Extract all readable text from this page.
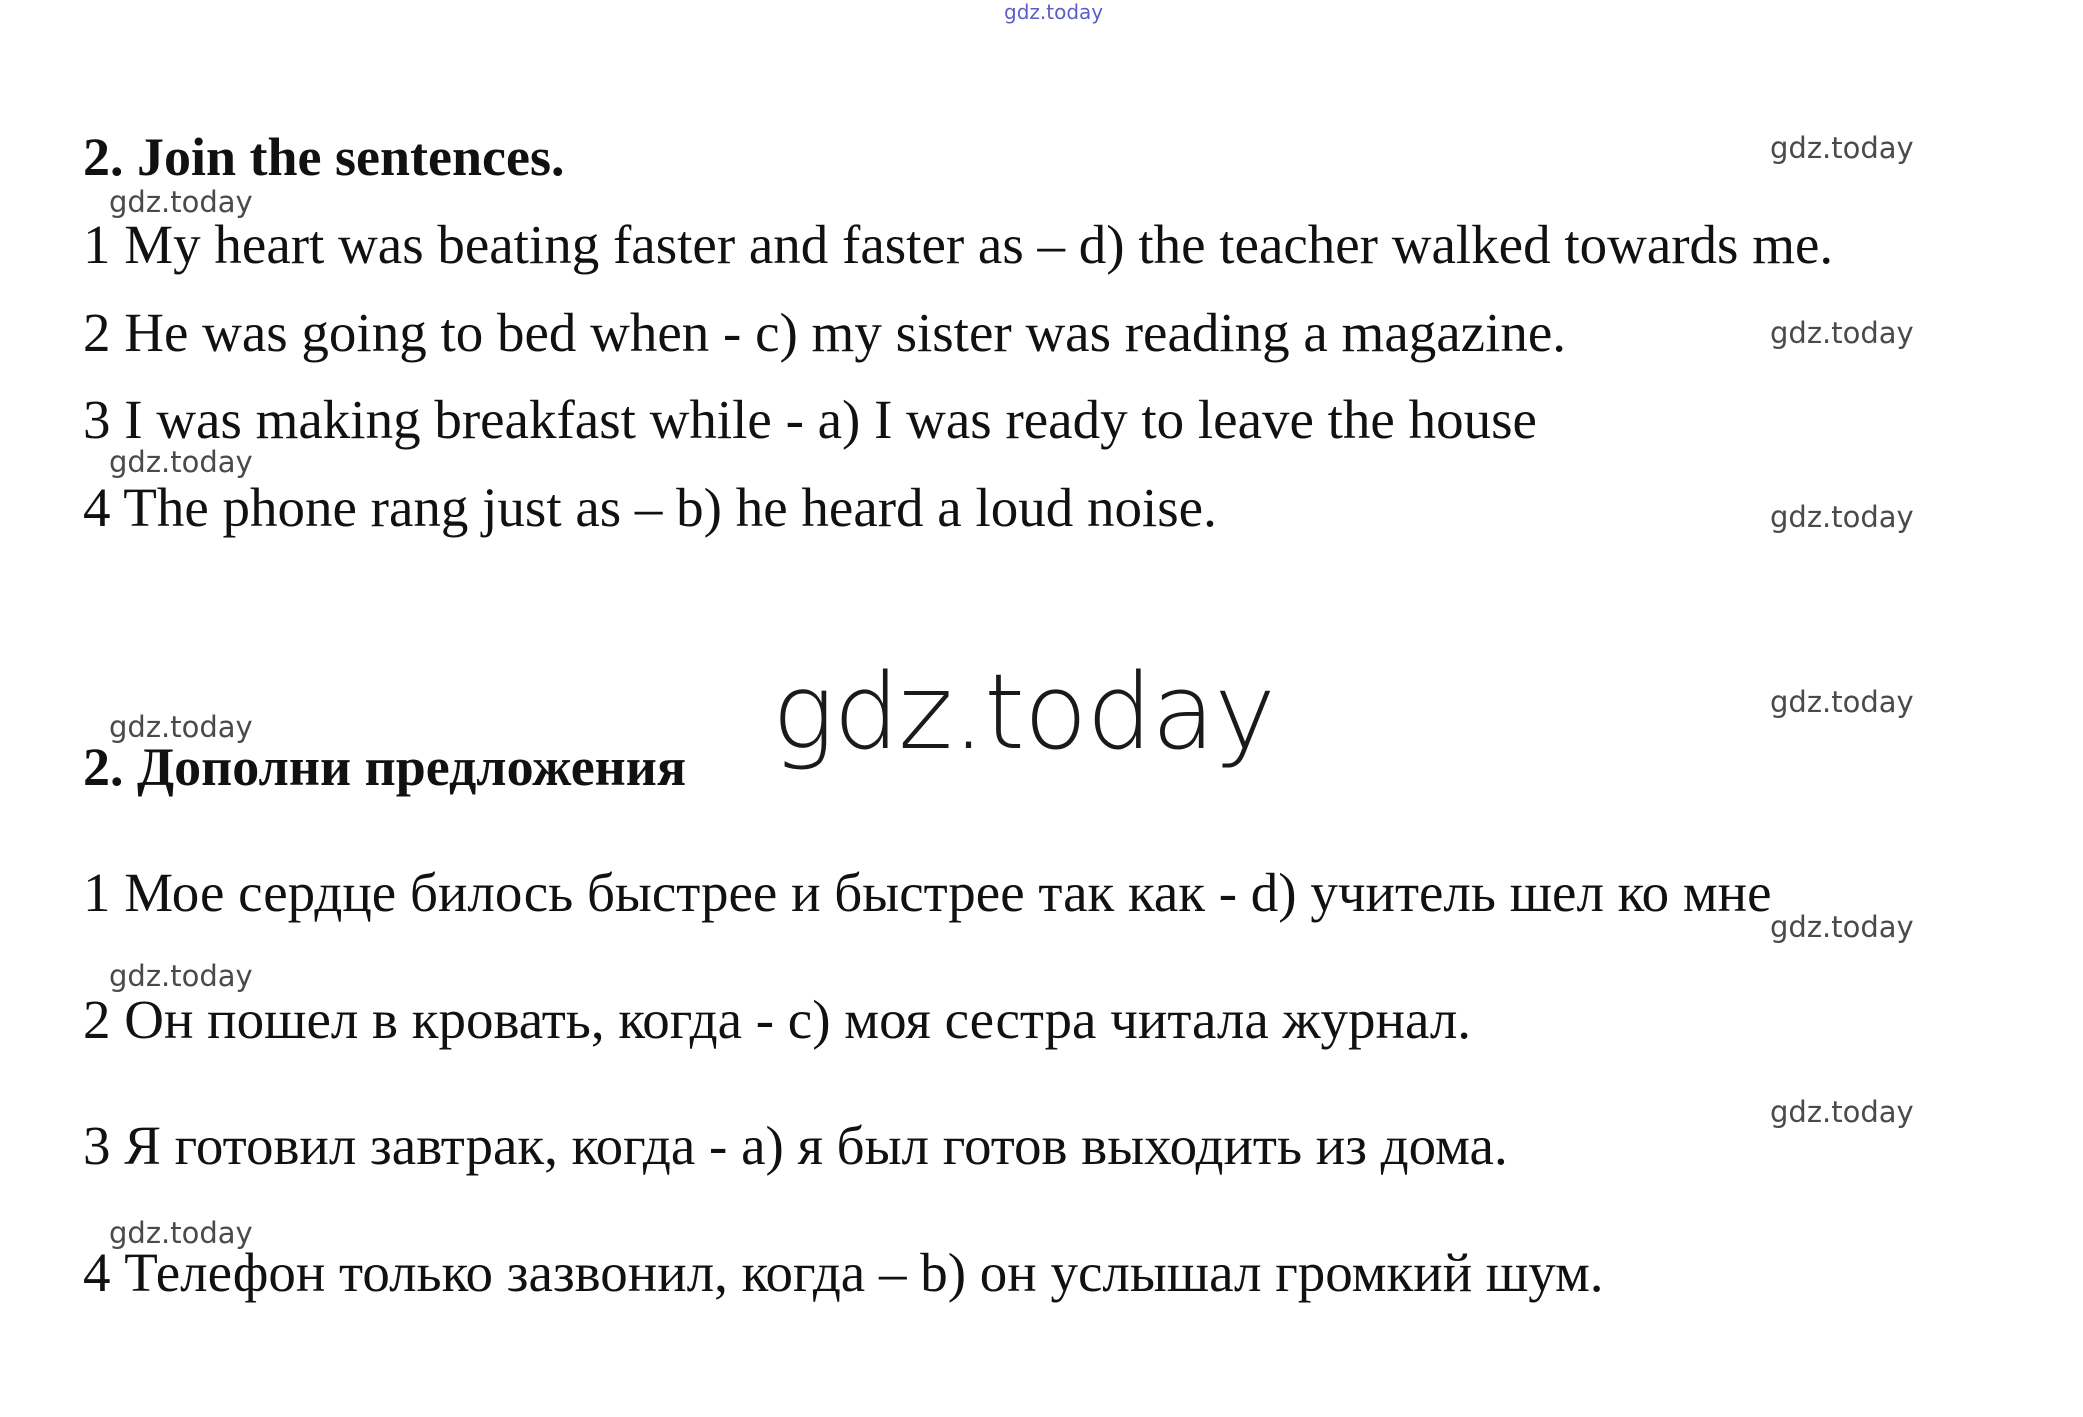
gdz.today
2. Join the sentences.

1 My heart was beating faster and faster as – d) the teacher walked towards me.

2 He was going to bed when - c) my sister was reading a magazine.

3 I was making breakfast while - a) I was ready to leave the house

4 The phone rang just as – b) he heard a loud noise.

gdz.today
2. Дополни предложения

1 Мое сердце билось быстрее и быстрее так как - d) учитель шел ко мне

2 Он пошел в кровать, когда - с) моя сестра читала журнал.

3 Я готовил завтрак, когда - а) я был готов выходить из дома.

4 Телефон только зазвонил, когда – b) он услышал громкий шум.

gdz.today
gdz.today
gdz.today
gdz.today
gdz.today
gdz.today
gdz.today
gdz.today
gdz.today
gdz.today
gdz.today
